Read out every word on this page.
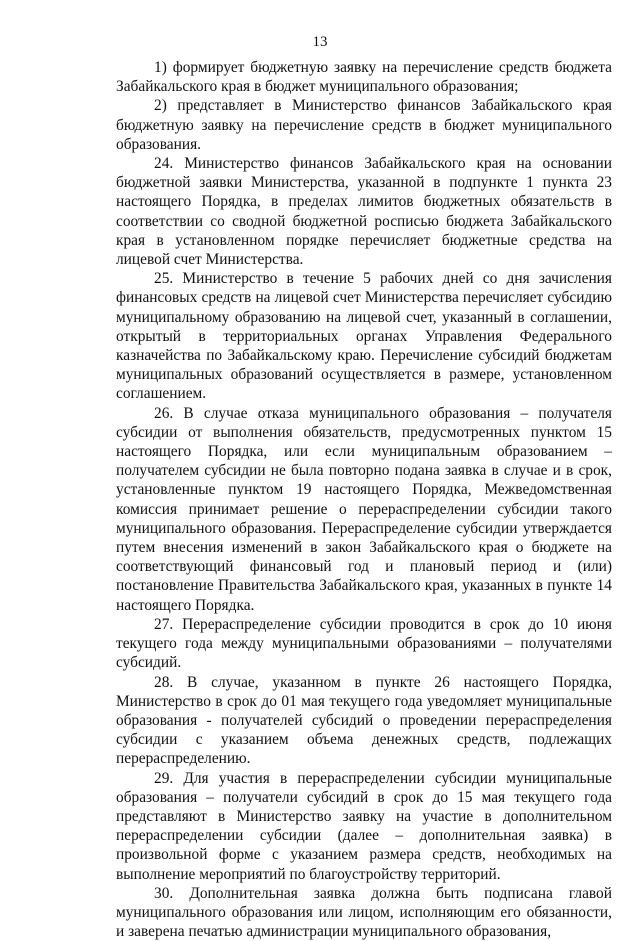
13

1) формирует бюджетную заявку на перечисление средств бюджета Забайкальского края в бюджет муниципального образования;

2) представляет в Министерство финансов Забайкальского края бюджетную заявку на перечисление средств в бюджет муниципального образования.

24. Министерство финансов Забайкальского края на основании бюджетной заявки Министерства, указанной в подпункте 1 пункта 23 настоящего Порядка, в пределах лимитов бюджетных обязательств в соответствии со сводной бюджетной росписью бюджета Забайкальского края в установленном порядке перечисляет бюджетные средства на лицевой счет Министерства.

25. Министерство в течение 5 рабочих дней со дня зачисления финансовых средств на лицевой счет Министерства перечисляет субсидию муниципальному образованию на лицевой счет, указанный в соглашении, открытый в территориальных органах Управления Федерального казначейства по Забайкальскому краю. Перечисление субсидий бюджетам муниципальных образований осуществляется в размере, установленном соглашением.

26. В случае отказа муниципального образования – получателя субсидии от выполнения обязательств, предусмотренных пунктом 15 настоящего Порядка, или если муниципальным образованием – получателем субсидии не была повторно подана заявка в случае и в срок, установленные пунктом 19 настоящего Порядка, Межведомственная комиссия принимает решение о перераспределении субсидии такого муниципального образования. Перераспределение субсидии утверждается путем внесения изменений в закон Забайкальского края о бюджете на соответствующий финансовый год и плановый период и (или) постановление Правительства Забайкальского края, указанных в пункте 14 настоящего Порядка.

27. Перераспределение субсидии проводится в срок до 10 июня текущего года между муниципальными образованиями – получателями субсидий.

28. В случае, указанном в пункте 26 настоящего Порядка, Министерство в срок до 01 мая текущего года уведомляет муниципальные образования - получателей субсидий о проведении перераспределения субсидии с указанием объема денежных средств, подлежащих перераспределению.

29. Для участия в перераспределении субсидии муниципальные образования – получатели субсидий в срок до 15 мая текущего года представляют в Министерство заявку на участие в дополнительном перераспределении субсидии (далее – дополнительная заявка) в произвольной форме с указанием размера средств, необходимых на выполнение мероприятий по благоустройству территорий.

30. Дополнительная заявка должна быть подписана главой муниципального образования или лицом, исполняющим его обязанности, и заверена печатью администрации муниципального образования,
